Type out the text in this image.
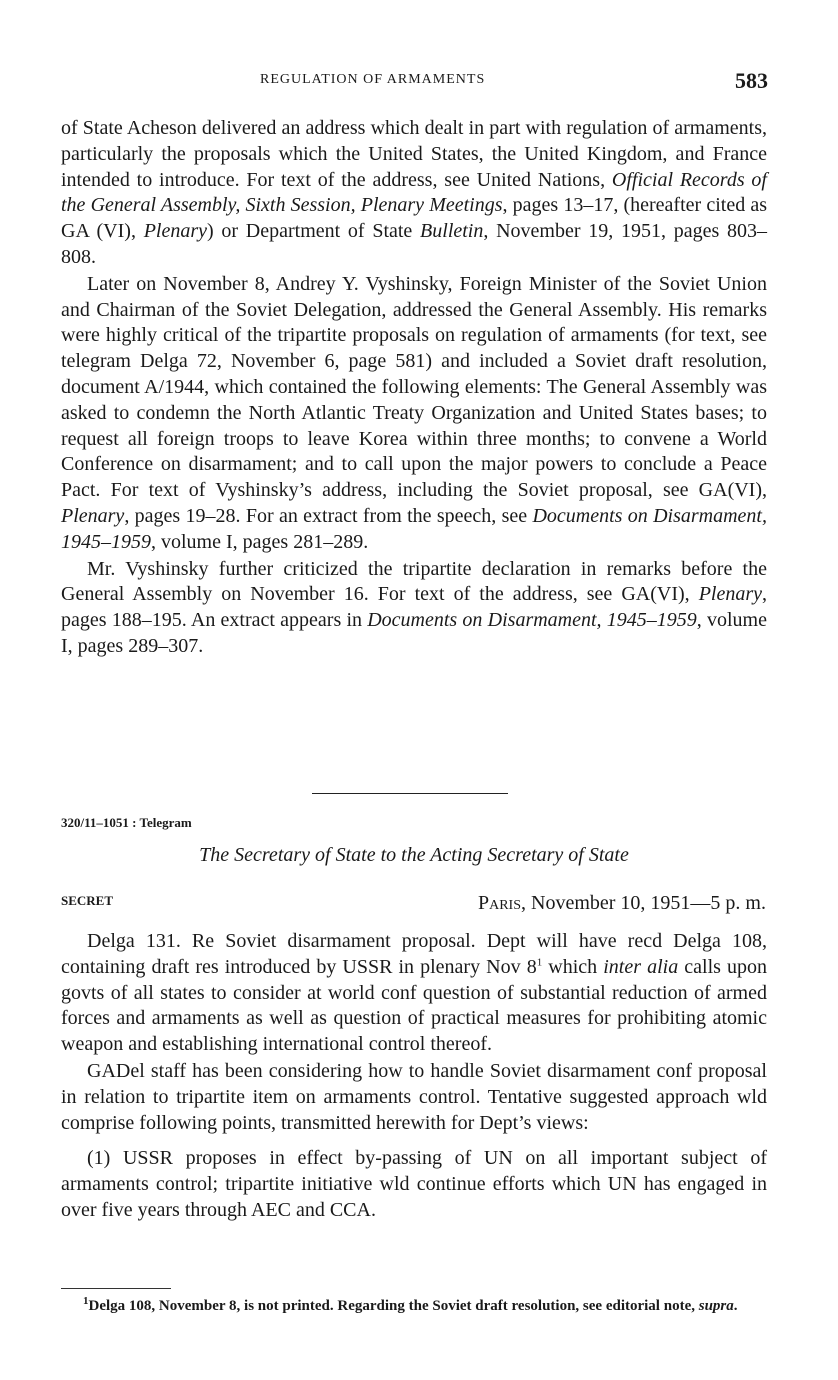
REGULATION OF ARMAMENTS	583

of State Acheson delivered an address which dealt in part with regulation of armaments, particularly the proposals which the United States, the United Kingdom, and France intended to introduce. For text of the address, see United Nations, Official Records of the General Assembly, Sixth Session, Plenary Meetings, pages 13–17, (hereafter cited as GA (VI), Plenary) or Department of State Bulletin, November 19, 1951, pages 803–808.

Later on November 8, Andrey Y. Vyshinsky, Foreign Minister of the Soviet Union and Chairman of the Soviet Delegation, addressed the General Assembly. His remarks were highly critical of the tripartite proposals on regulation of armaments (for text, see telegram Delga 72, November 6, page 581) and included a Soviet draft resolution, document A/1944, which contained the following elements: The General Assembly was asked to condemn the North Atlantic Treaty Organization and United States bases; to request all foreign troops to leave Korea within three months; to convene a World Conference on disarmament; and to call upon the major powers to conclude a Peace Pact. For text of Vyshinsky’s address, including the Soviet proposal, see GA(VI), Plenary, pages 19–28. For an extract from the speech, see Documents on Disarmament, 1945–1959, volume I, pages 281–289.

Mr. Vyshinsky further criticized the tripartite declaration in remarks before the General Assembly on November 16. For text of the address, see GA(VI), Plenary, pages 188–195. An extract appears in Documents on Disarmament, 1945–1959, volume I, pages 289–307.

320/11–1051 : Telegram
The Secretary of State to the Acting Secretary of State
SECRET	Paris, November 10, 1951—5 p. m.

Delga 131. Re Soviet disarmament proposal. Dept will have recd Delga 108, containing draft res introduced by USSR in plenary Nov $8^1$ which inter alia calls upon govts of all states to consider at world conf question of substantial reduction of armed forces and armaments as well as question of practical measures for prohibiting atomic weapon and establishing international control thereof.

GADel staff has been considering how to handle Soviet disarmament conf proposal in relation to tripartite item on armaments control. Tentative suggested approach wld comprise following points, transmitted herewith for Dept’s views:

(1) USSR proposes in effect by-passing of UN on all important subject of armaments control; tripartite initiative wld continue efforts which UN has engaged in over five years through AEC and CCA.

$^1$Delga 108, November 8, is not printed. Regarding the Soviet draft resolution, see editorial note, supra.
